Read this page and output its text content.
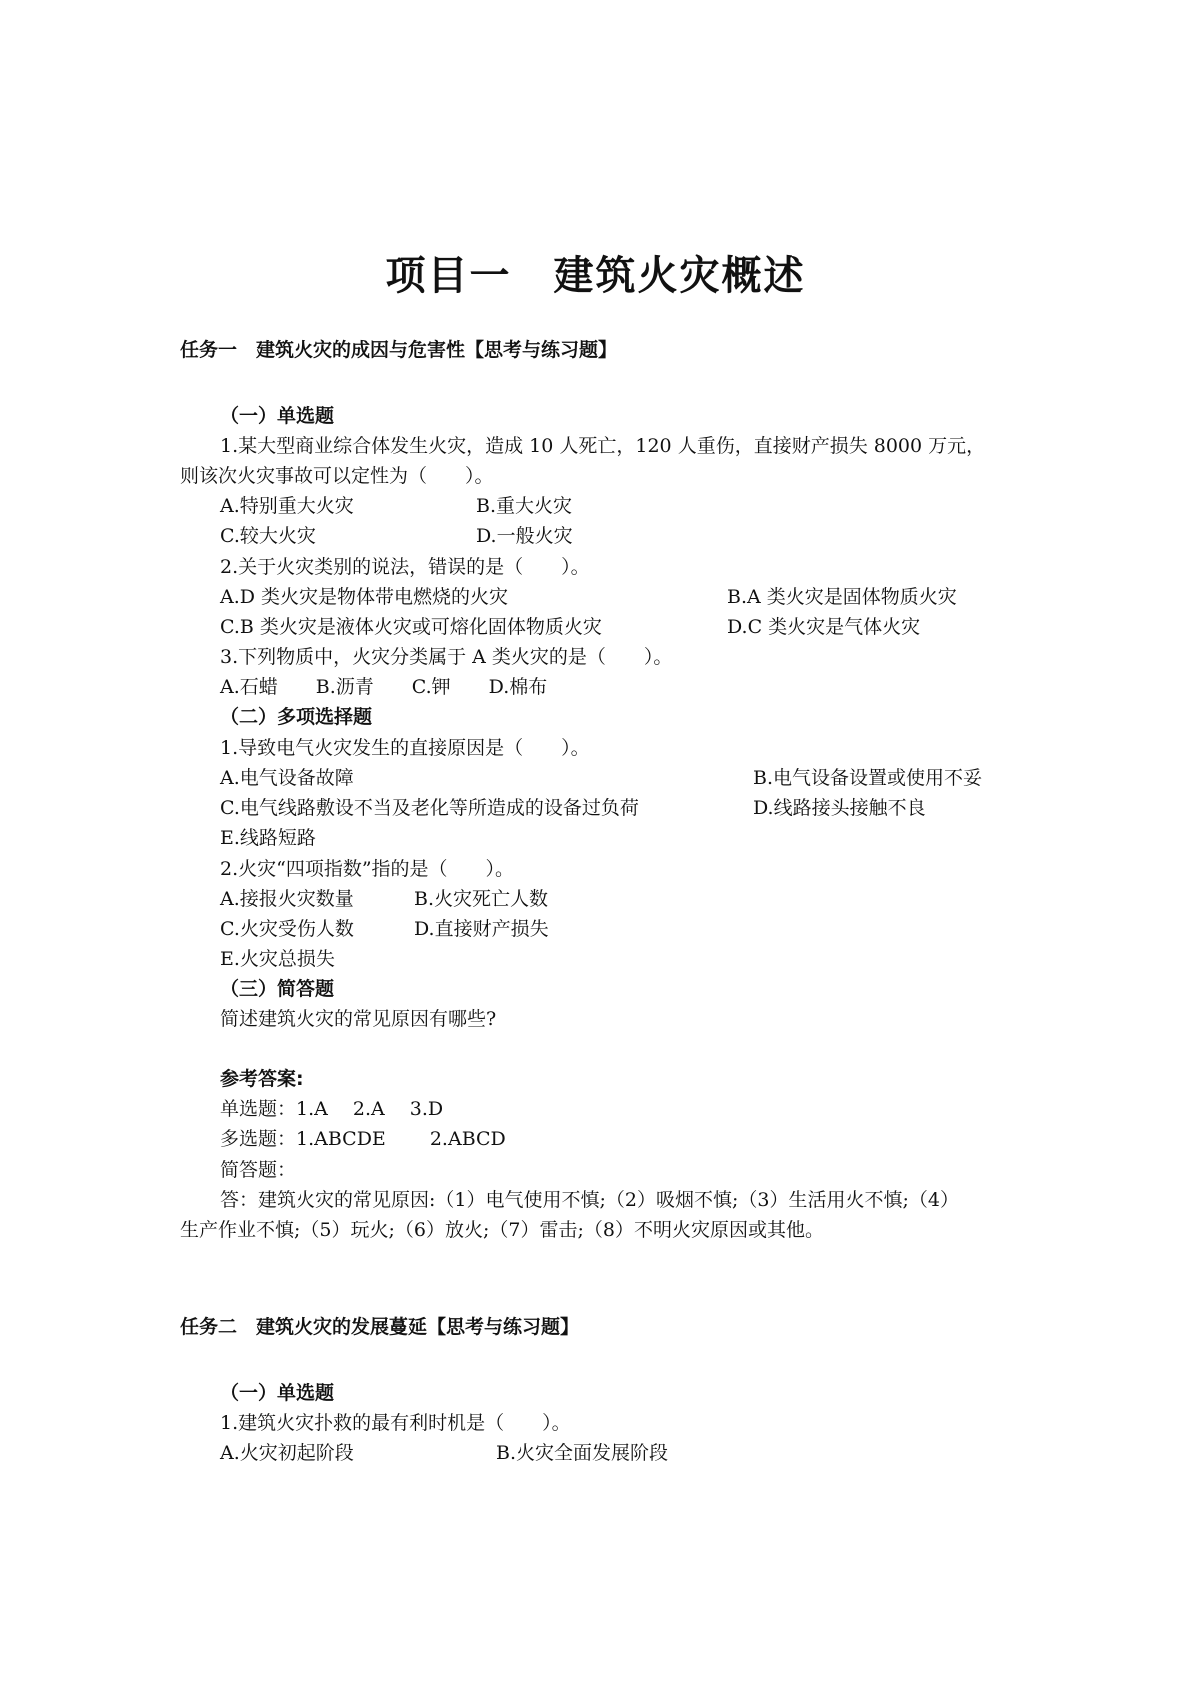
项目一　建筑火灾概述
任务一　建筑火灾的成因与危害性【思考与练习题】
（一）单选题
1.某大型商业综合体发生火灾，造成 10 人死亡，120 人重伤，直接财产损失 8000 万元，
则该次火灾事故可以定性为（　　）。
A.特别重大火灾	B.重大火灾
C.较大火灾	D.一般火灾
2.关于火灾类别的说法，错误的是（　　）。
A.D 类火灾是物体带电燃烧的火灾	B.A 类火灾是固体物质火灾
C.B 类火灾是液体火灾或可熔化固体物质火灾	D.C 类火灾是气体火灾
3.下列物质中，火灾分类属于 A 类火灾的是（　　）。
A.石蜡　　B.沥青　　C.钾　　D.棉布
（二）多项选择题
1.导致电气火灾发生的直接原因是（　　）。
A.电气设备故障	B.电气设备设置或使用不妥
C.电气线路敷设不当及老化等所造成的设备过负荷	D.线路接头接触不良
E.线路短路
2.火灾“四项指数”指的是（　　）。
A.接报火灾数量	B.火灾死亡人数
C.火灾受伤人数	D.直接财产损失
E.火灾总损失
（三）简答题
简述建筑火灾的常见原因有哪些?
参考答案:
单选题：1.A　 2.A　 3.D
多选题：1.ABCDE　　 2.ABCD
简答题：
答：建筑火灾的常见原因:（1）电气使用不慎;（2）吸烟不慎;（3）生活用火不慎;（4）
生产作业不慎;（5）玩火;（6）放火;（7）雷击;（8）不明火灾原因或其他。
任务二　建筑火灾的发展蔓延【思考与练习题】
（一）单选题
1.建筑火灾扑救的最有利时机是（　　）。
A.火灾初起阶段	B.火灾全面发展阶段
